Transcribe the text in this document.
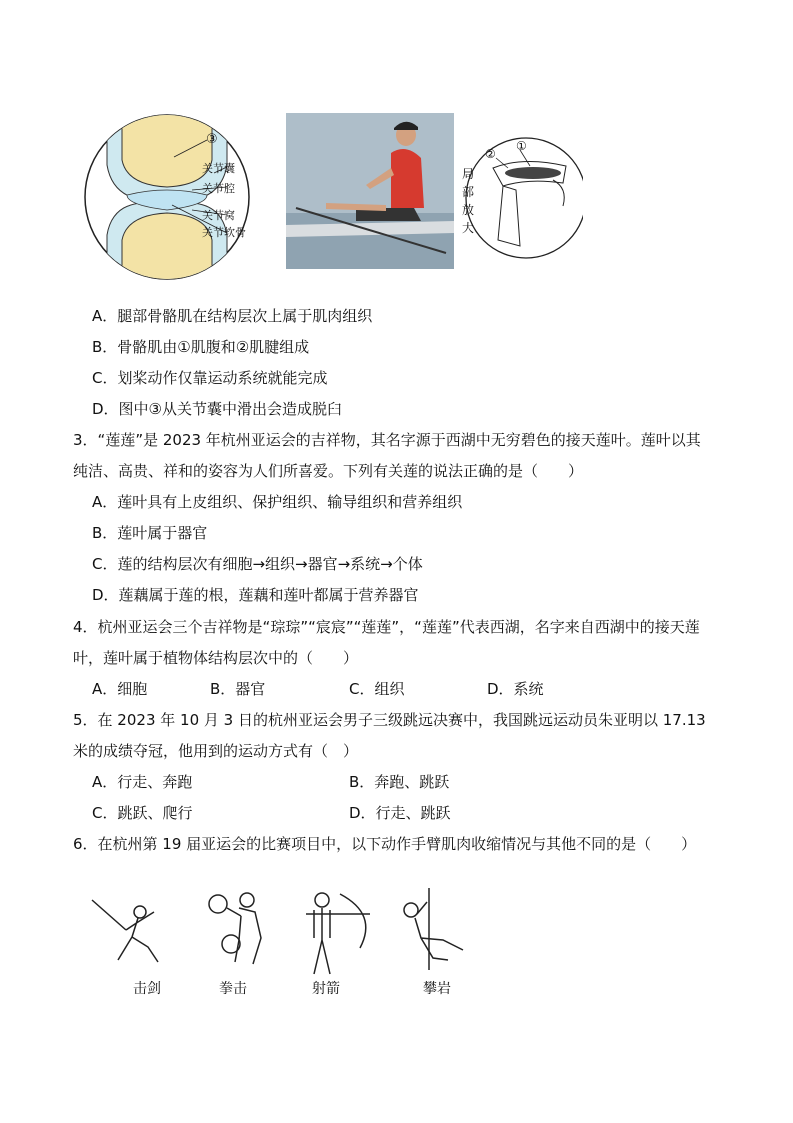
③
关节囊
关节腔
关节窝
关节软骨
①
②
局
部
放
大
A．腿部骨骼肌在结构层次上属于肌肉组织
B．骨骼肌由①肌腹和②肌腱组成
C．划桨动作仅靠运动系统就能完成
D．图中③从关节囊中滑出会造成脱臼
3．“莲莲”是 2023 年杭州亚运会的吉祥物，其名字源于西湖中无穷碧色的接天莲叶。莲叶以其
纯洁、高贵、祥和的姿容为人们所喜爱。下列有关莲的说法正确的是（　　）
A．莲叶具有上皮组织、保护组织、输导组织和营养组织
B．莲叶属于器官
C．莲的结构层次有细胞→组织→器官→系统→个体
D．莲藕属于莲的根，莲藕和莲叶都属于营养器官
4．杭州亚运会三个吉祥物是“琮琮”“宸宸”“莲莲”，“莲莲”代表西湖，名字来自西湖中的接天莲
叶，莲叶属于植物体结构层次中的（　　）
A．细胞	B．器官	C．组织	D．系统
5．在 2023 年 10 月 3 日的杭州亚运会男子三级跳远决赛中，我国跳远运动员朱亚明以 17.13
米的成绩夺冠，他用到的运动方式有（　）
A．行走、奔跑	B．奔跑、跳跃
C．跳跃、爬行	D．行走、跳跃
6．在杭州第 19 届亚运会的比赛项目中，以下动作手臂肌肉收缩情况与其他不同的是（　　）
击剑	拳击	射箭	攀岩
